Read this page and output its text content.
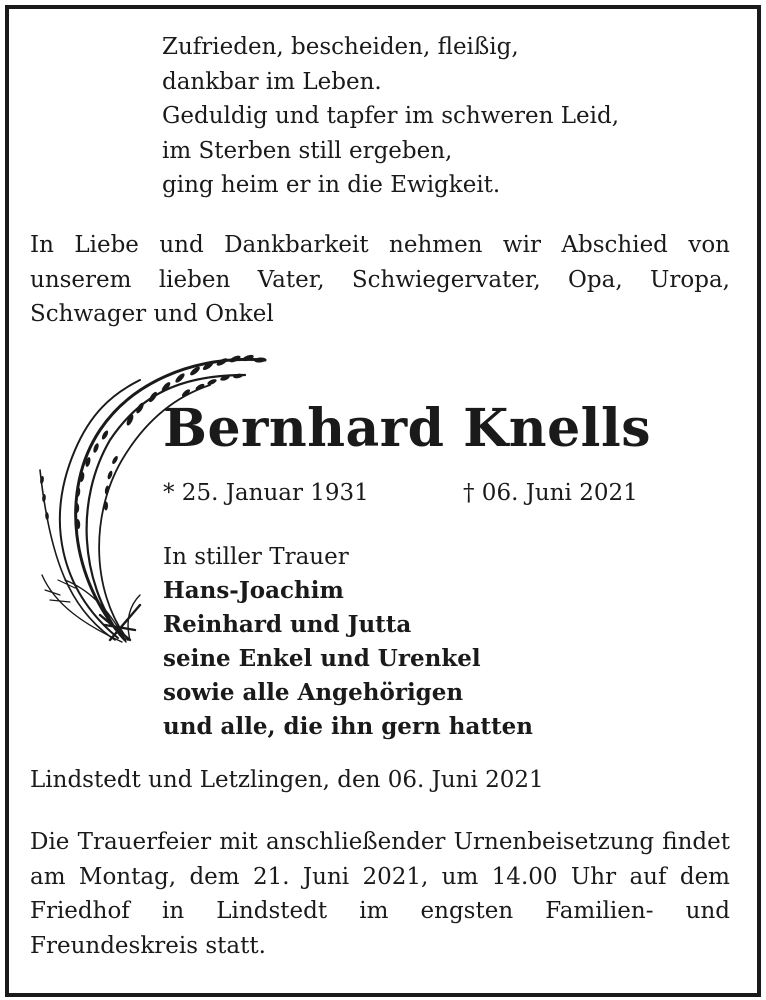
Zufrieden, bescheiden, fleißig,
dankbar im Leben.
Geduldig und tapfer im schweren Leid,
im Sterben still ergeben,
ging heim er in die Ewigkeit.
In Liebe und Dankbarkeit nehmen wir Abschied von unserem lieben Vater, Schwiegervater, Opa, Uropa, Schwager und Onkel
Bernhard Knells
* 25. Januar 1931	† 06. Juni 2021
In stiller Trauer
Hans-Joachim
Reinhard und Jutta
seine Enkel und Urenkel
sowie alle Angehörigen
und alle, die ihn gern hatten
Lindstedt und Letzlingen, den 06. Juni 2021
Die Trauerfeier mit anschließender Urnenbeisetzung findet am Montag, dem 21. Juni 2021, um 14.00 Uhr auf dem Friedhof in Lindstedt im engsten Familien- und Freundeskreis statt.
